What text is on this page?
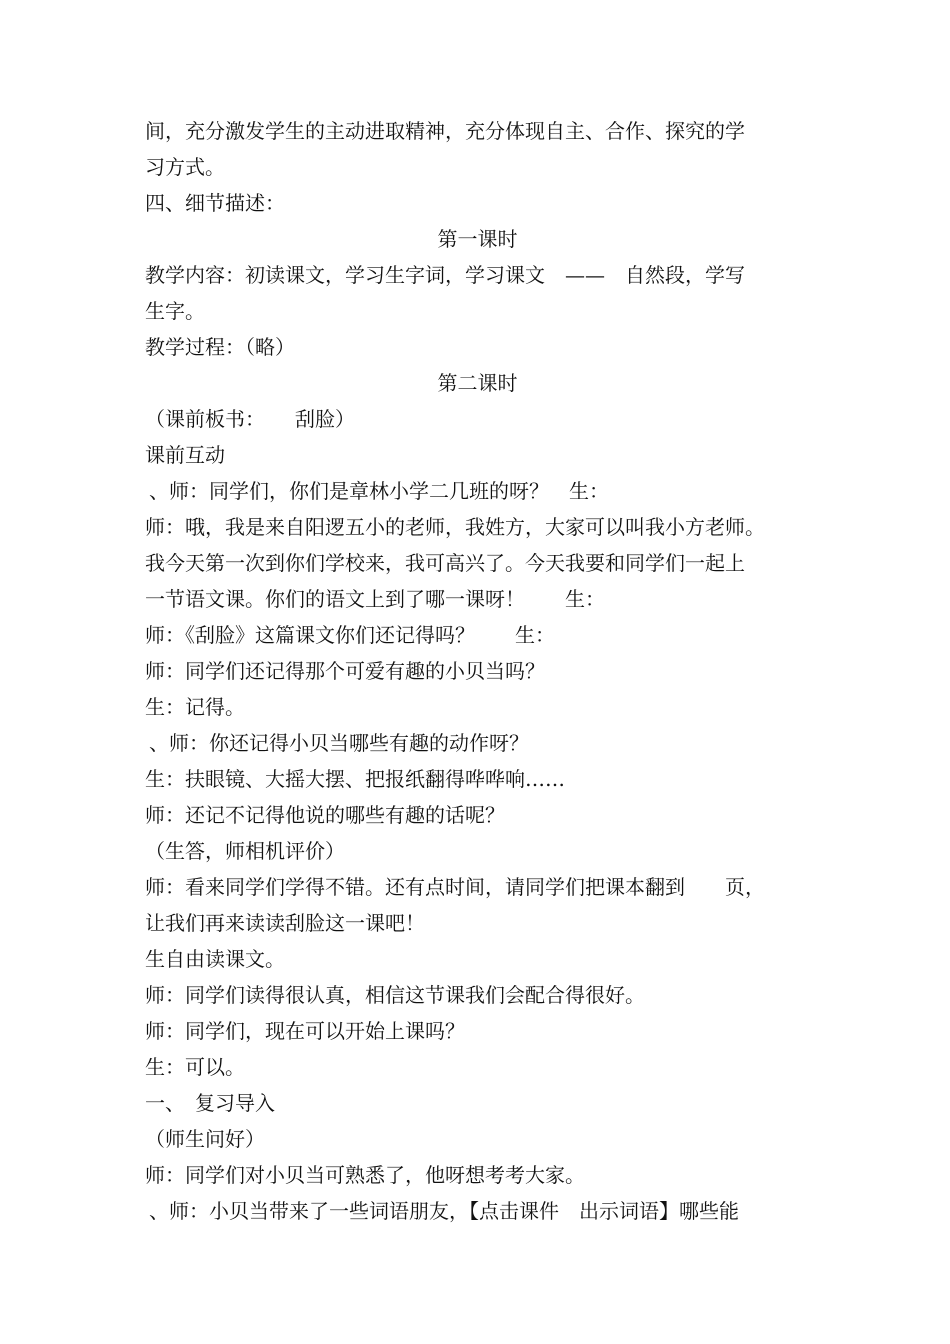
间，充分激发学生的主动进取精神，充分体现自主、合作、探究的学
习方式。
四、细节描述：
第一课时
教学内容：初读课文，学习生字词，学习课文　——　自然段，学写
生字。
教学过程：（略）
第二课时
（课前板书：　　刮脸）
课前互动
、师：同学们，你们是章林小学二几班的呀？　生：
师：哦，我是来自阳逻五小的老师，我姓方，大家可以叫我小方老师。
我今天第一次到你们学校来，我可高兴了。今天我要和同学们一起上
一节语文课。你们的语文上到了哪一课呀！　　生：
师：《刮脸》这篇课文你们还记得吗？　　生：
师：同学们还记得那个可爱有趣的小贝当吗？
生：记得。
、师：你还记得小贝当哪些有趣的动作呀？
生：扶眼镜、大摇大摆、把报纸翻得哗哗响……
师：还记不记得他说的哪些有趣的话呢？
（生答，师相机评价）
师：看来同学们学得不错。还有点时间，请同学们把课本翻到　　页，
让我们再来读读刮脸这一课吧！
生自由读课文。
师：同学们读得很认真，相信这节课我们会配合得很好。
师：同学们，现在可以开始上课吗？
生：可以。
一、　复习导入
（师生问好）
师：同学们对小贝当可熟悉了，他呀想考考大家。
、师：小贝当带来了一些词语朋友，【点击课件　出示词语】哪些能
